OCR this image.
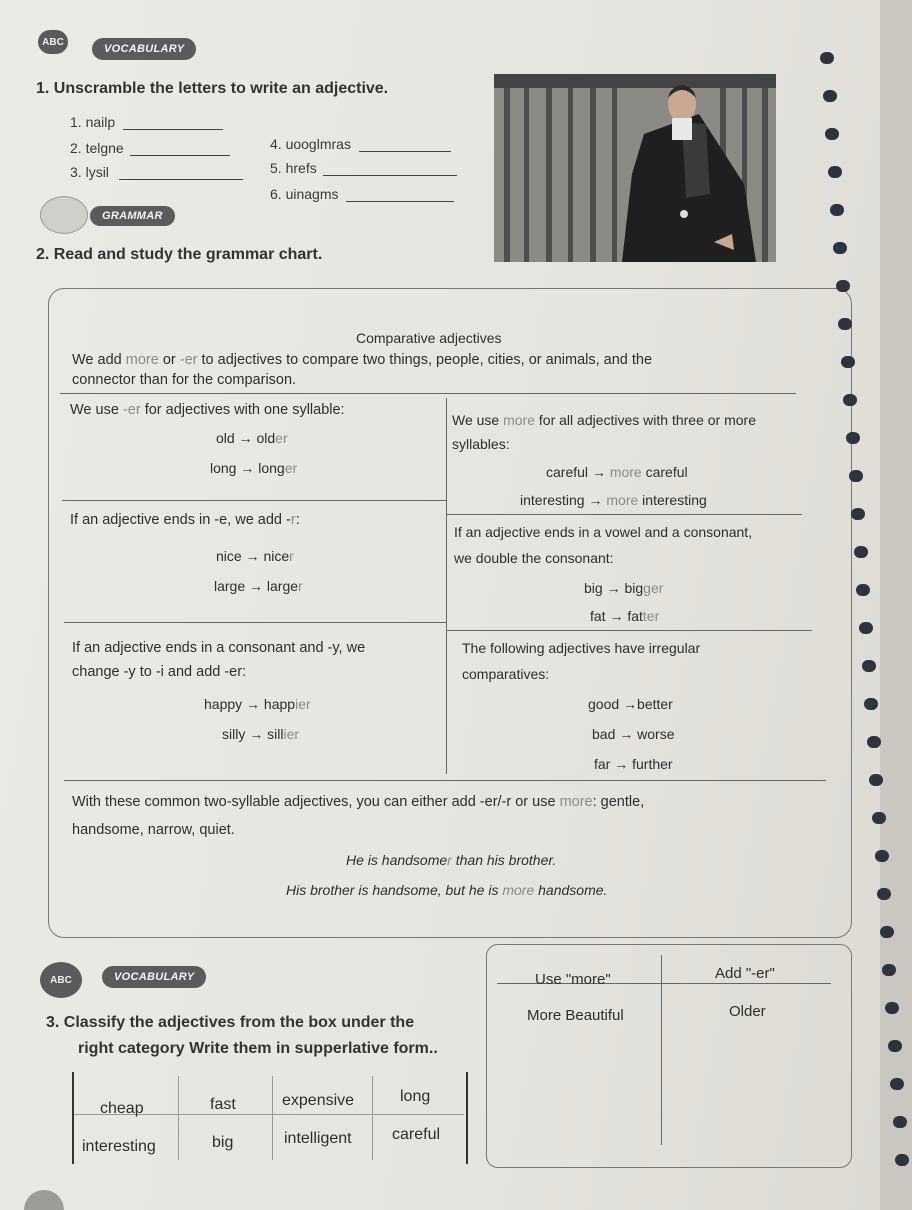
ABC
VOCABULARY
1. Unscramble the letters to write an adjective.
1. nailp
2. telgne
3. lysil
4. uooglmras
5. hrefs
6. uinagms
GRAMMAR
2. Read and study the grammar chart.
Comparative adjectives
We add more or -er to adjectives to compare two things, people, cities, or animals, and the
connector than for the comparison.
We use -er for adjectives with one syllable:
old → older
long → longer
We use more for all adjectives with three or more
syllables:
careful → more careful
interesting → more interesting
If an adjective ends in -e, we add -r:
nice → nicer
large → larger
If an adjective ends in a vowel and a consonant,
we double the consonant:
big → bigger
fat → fatter
If an adjective ends in a consonant and -y, we
change -y to -i and add -er:
happy → happier
silly → sillier
The following adjectives have irregular
comparatives:
good →better
bad → worse
far → further
With these common two-syllable adjectives, you can either add -er/-r or use more: gentle,
handsome, narrow, quiet.
He is handsomer than his brother.
His brother is handsome, but he is more handsome.
ABC	VOCABULARY
3. Classify the adjectives from the box under the
right category Write them in supperlative form..
cheap	fast	expensive	long
interesting	big	intelligent	careful
Use "more"	Add "-er"
More Beautiful	Older
